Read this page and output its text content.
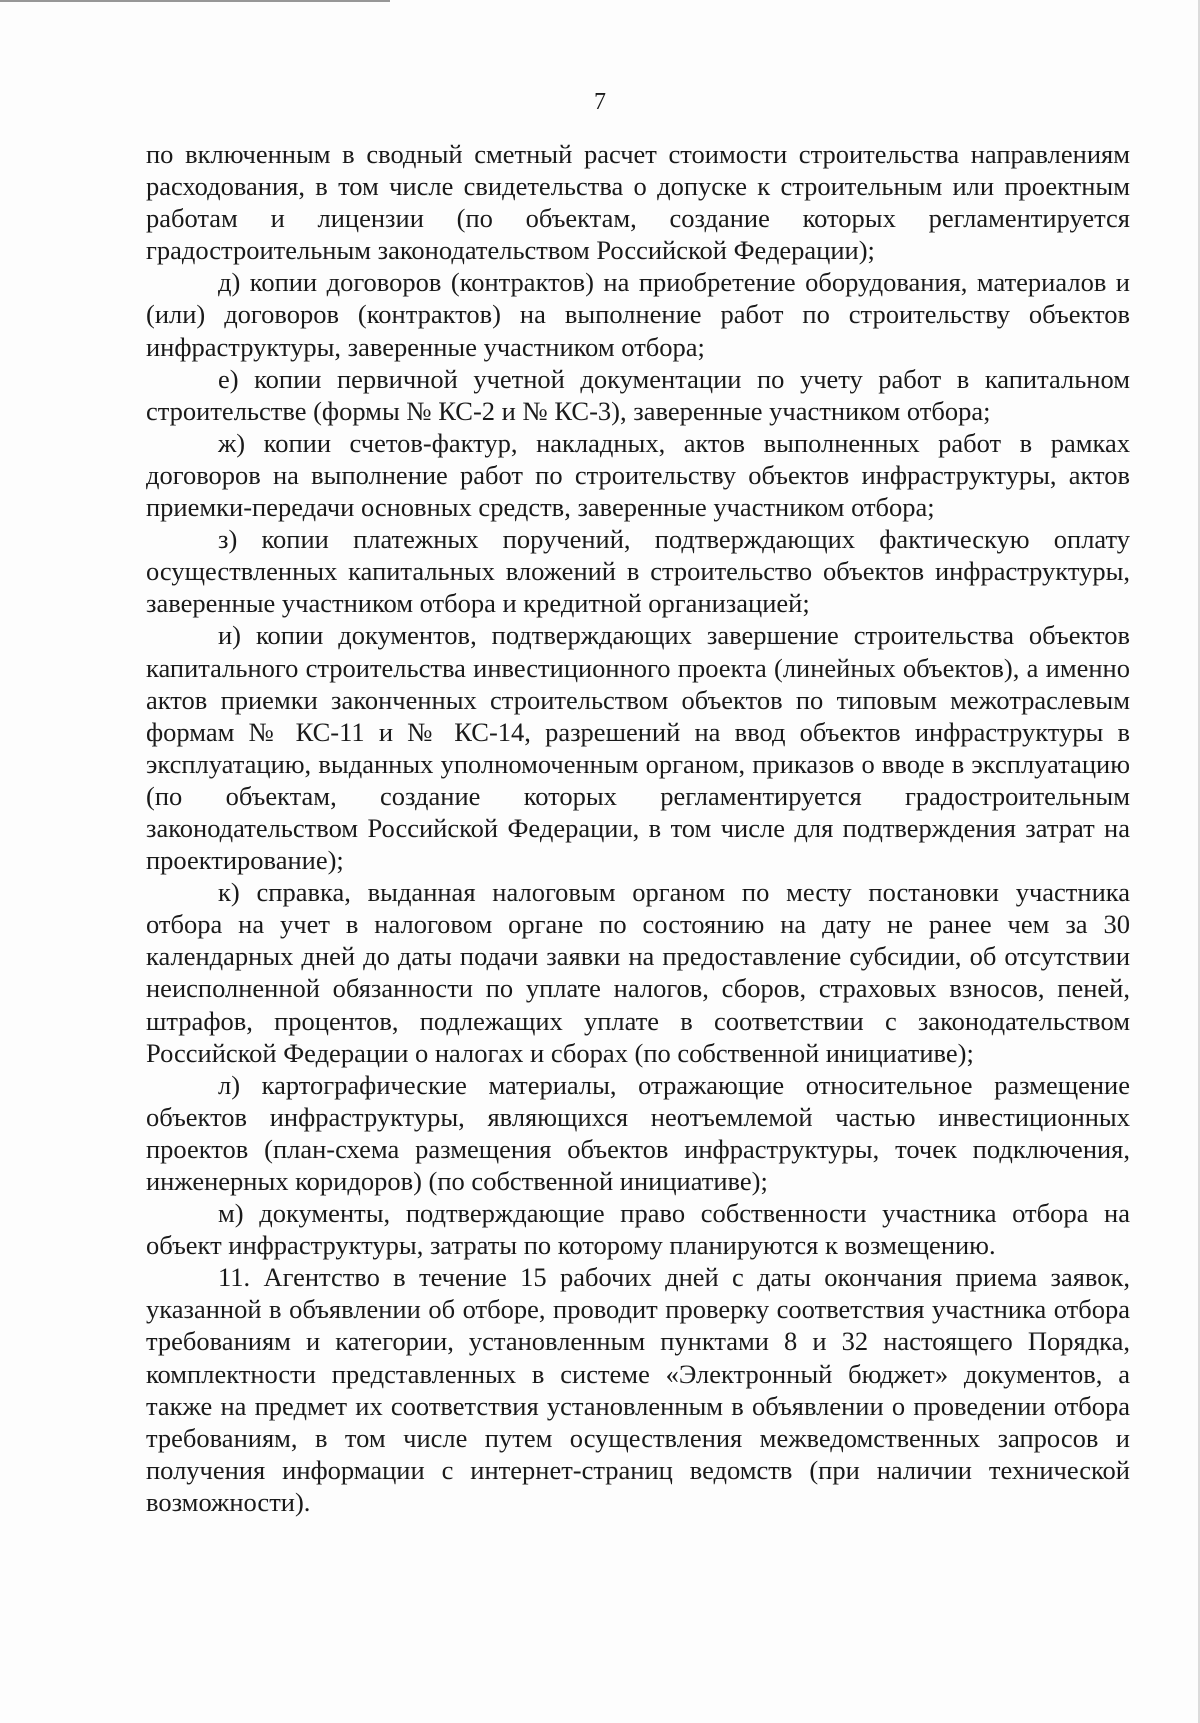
7

по включенным в сводный сметный расчет стоимости строительства направлениям расходования, в том числе свидетельства о допуске к строительным или проектным работам и лицензии (по объектам, создание которых регламентируется градостроительным законодательством Российской Федерации);

д) копии договоров (контрактов) на приобретение оборудования, материалов и (или) договоров (контрактов) на выполнение работ по строительству объектов инфраструктуры, заверенные участником отбора;

е) копии первичной учетной документации по учету работ в капитальном строительстве (формы № КС-2 и № КС-3), заверенные участником отбора;

ж) копии счетов-фактур, накладных, актов выполненных работ в рамках договоров на выполнение работ по строительству объектов инфраструктуры, актов приемки-передачи основных средств, заверенные участником отбора;

з) копии платежных поручений, подтверждающих фактическую оплату осуществленных капитальных вложений в строительство объектов инфраструктуры, заверенные участником отбора и кредитной организацией;

и) копии документов, подтверждающих завершение строительства объектов капитального строительства инвестиционного проекта (линейных объектов), а именно актов приемки законченных строительством объектов по типовым межотраслевым формам № КС-11 и № КС-14, разрешений на ввод объектов инфраструктуры в эксплуатацию, выданных уполномоченным органом, приказов о вводе в эксплуатацию (по объектам, создание которых регламентируется градостроительным законодательством Российской Федерации, в том числе для подтверждения затрат на проектирование);

к) справка, выданная налоговым органом по месту постановки участника отбора на учет в налоговом органе по состоянию на дату не ранее чем за 30 календарных дней до даты подачи заявки на предоставление субсидии, об отсутствии неисполненной обязанности по уплате налогов, сборов, страховых взносов, пеней, штрафов, процентов, подлежащих уплате в соответствии с законодательством Российской Федерации о налогах и сборах (по собственной инициативе);

л) картографические материалы, отражающие относительное размещение объектов инфраструктуры, являющихся неотъемлемой частью инвестиционных проектов (план-схема размещения объектов инфраструктуры, точек подключения, инженерных коридоров) (по собственной инициативе);

м) документы, подтверждающие право собственности участника отбора на объект инфраструктуры, затраты по которому планируются к возмещению.

11. Агентство в течение 15 рабочих дней с даты окончания приема заявок, указанной в объявлении об отборе, проводит проверку соответствия участника отбора требованиям и категории, установленным пунктами 8 и 32 настоящего Порядка, комплектности представленных в системе «Электронный бюджет» документов, а также на предмет их соответствия установленным в объявлении о проведении отбора требованиям, в том числе путем осуществления межведомственных запросов и получения информации с интернет-страниц ведомств (при наличии технической возможности).
